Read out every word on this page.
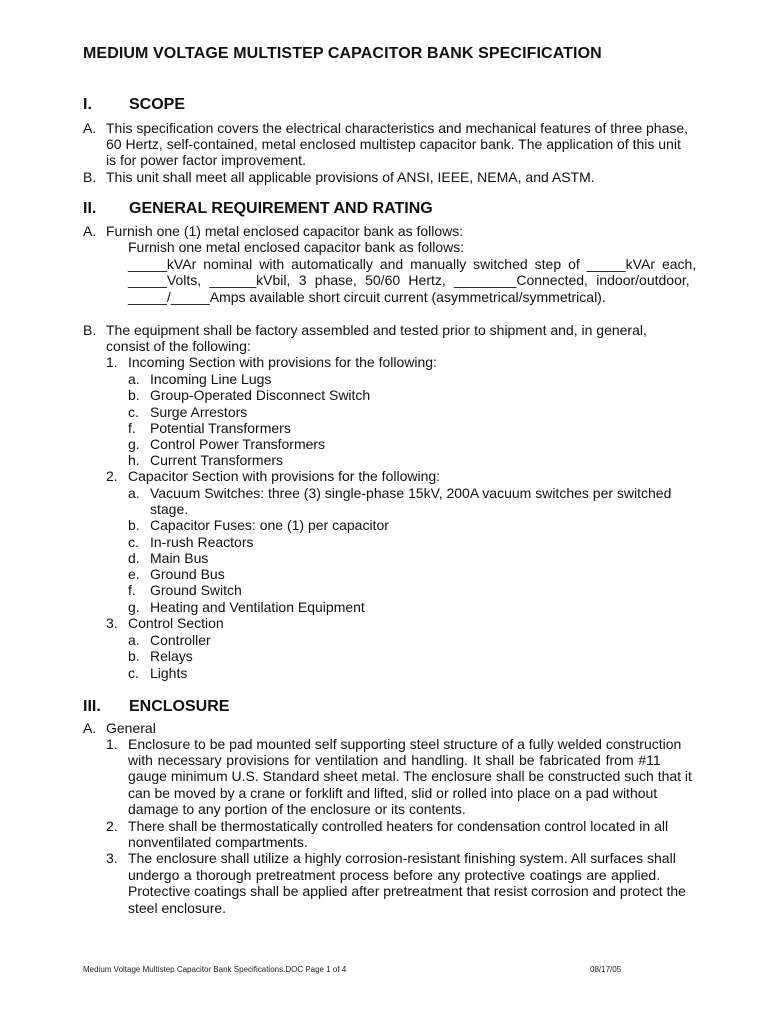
MEDIUM VOLTAGE MULTISTEP CAPACITOR BANK SPECIFICATION
I. SCOPE
A. This specification covers the electrical characteristics and mechanical features of three phase,
60 Hertz, self-contained, metal enclosed multistep capacitor bank. The application of this unit
is for power factor improvement.
B. This unit shall meet all applicable provisions of ANSI, IEEE, NEMA, and ASTM.
II. GENERAL REQUIREMENT AND RATING
A. Furnish one (1) metal enclosed capacitor bank as follows:
Furnish one metal enclosed capacitor bank as follows:
_____kVAr nominal with automatically and manually switched step of _____kVAr each,
_____Volts, ______kVbil, 3 phase, 50/60 Hertz, ________Connected, indoor/outdoor,
_____/_____Amps available short circuit current (asymmetrical/symmetrical).
B. The equipment shall be factory assembled and tested prior to shipment and, in general,
consist of the following:
1. Incoming Section with provisions for the following:
a. Incoming Line Lugs
b. Group-Operated Disconnect Switch
c. Surge Arrestors
f. Potential Transformers
g. Control Power Transformers
h. Current Transformers
2. Capacitor Section with provisions for the following:
a. Vacuum Switches: three (3) single-phase 15kV, 200A vacuum switches per switched
stage.
b. Capacitor Fuses: one (1) per capacitor
c. In-rush Reactors
d. Main Bus
e. Ground Bus
f. Ground Switch
g. Heating and Ventilation Equipment
3. Control Section
a. Controller
b. Relays
c. Lights
III. ENCLOSURE
A. General
1. Enclosure to be pad mounted self supporting steel structure of a fully welded construction
with necessary provisions for ventilation and handling. It shall be fabricated from #11
gauge minimum U.S. Standard sheet metal. The enclosure shall be constructed such that it
can be moved by a crane or forklift and lifted, slid or rolled into place on a pad without
damage to any portion of the enclosure or its contents.
2. There shall be thermostatically controlled heaters for condensation control located in all
nonventilated compartments.
3. The enclosure shall utilize a highly corrosion-resistant finishing system. All surfaces shall
undergo a thorough pretreatment process before any protective coatings are applied.
Protective coatings shall be applied after pretreatment that resist corrosion and protect the
steel enclosure.
Medium Voltage Multistep Capacitor Bank Specifications.DOC Page 1 of 4	08/17/05
